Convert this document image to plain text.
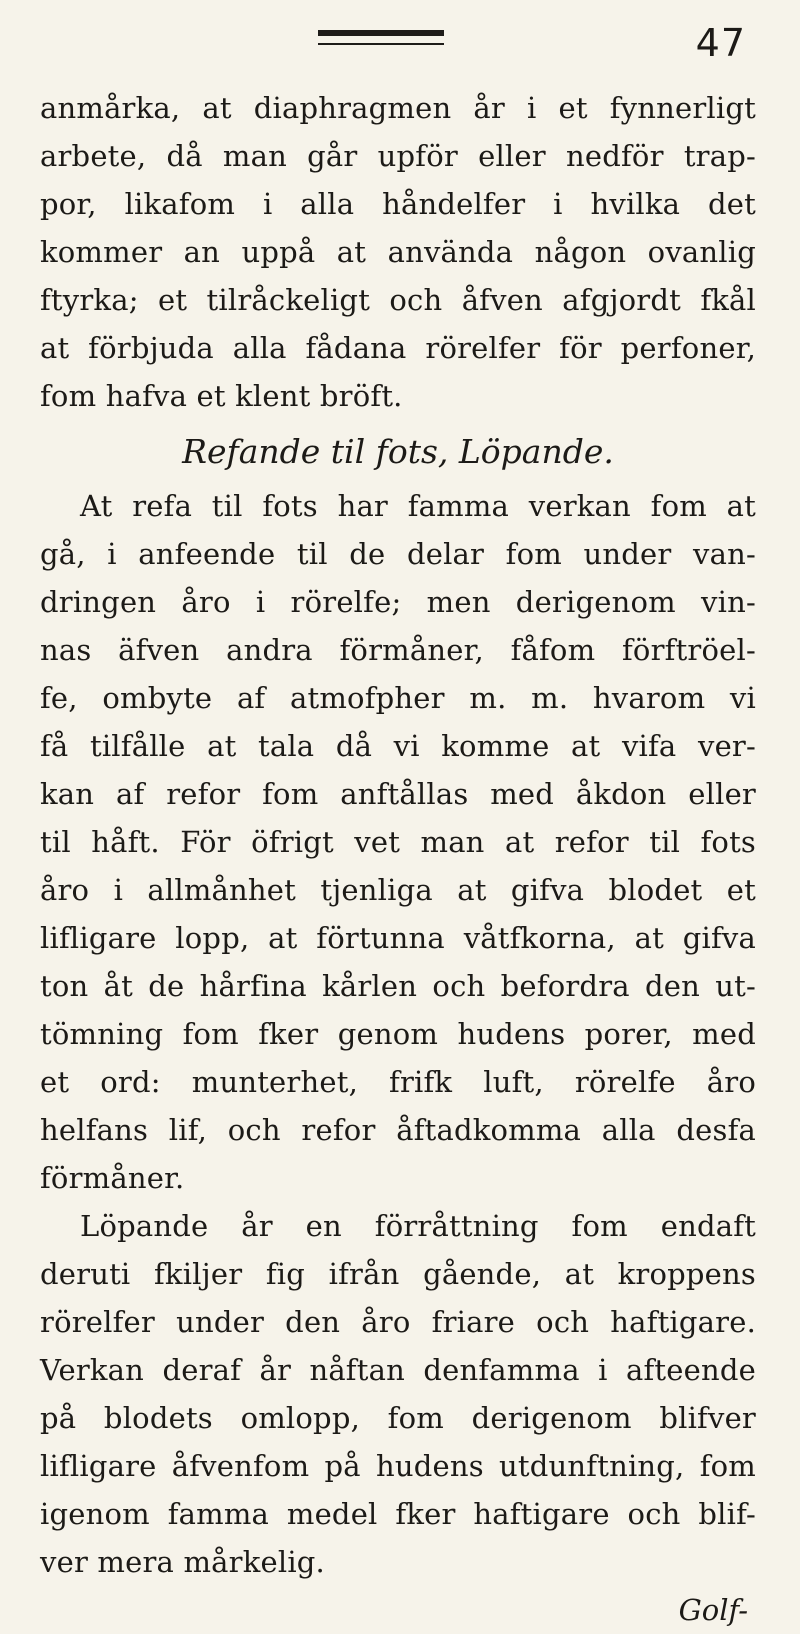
47
anmårka, at diaphragmen år i et fynnerligt
arbete, då man går upför eller nedför trap-
por, likafom i alla håndelfer i hvilka det
kommer an uppå at använda någon ovanlig
ftyrka; et tilråckeligt och åfven afgjordt fkål
at förbjuda alla fådana rörelfer för perfoner,
fom hafva et klent bröft.
Refande til fots, Löpande.
At refa til fots har famma verkan fom at
gå, i anfeende til de delar fom under van-
dringen åro i rörelfe; men derigenom vin-
nas äfven andra förmåner, fåfom förftröel-
fe, ombyte af atmofpher m. m. hvarom vi
få tilfålle at tala då vi komme at vifa ver-
kan af refor fom anftållas med åkdon eller
til håft. För öfrigt vet man at refor til fots
åro i allmånhet tjenliga at gifva blodet et
lifligare lopp, at förtunna våtfkorna, at gifva
ton åt de hårfina kårlen och befordra den ut-
tömning fom fker genom hudens porer, med
et ord: munterhet, frifk luft, rörelfe åro
helfans lif, och refor åftadkomma alla desfa
förmåner.
Löpande år en förråttning fom endaft
deruti fkiljer fig ifrån gående, at kroppens
rörelfer under den åro friare och haftigare.
Verkan deraf år nåftan denfamma i afteende
på blodets omlopp, fom derigenom blifver
lifligare åfvenfom på hudens utdunftning, fom
igenom famma medel fker haftigare och blif-
ver mera mårkelig.
Golf-
